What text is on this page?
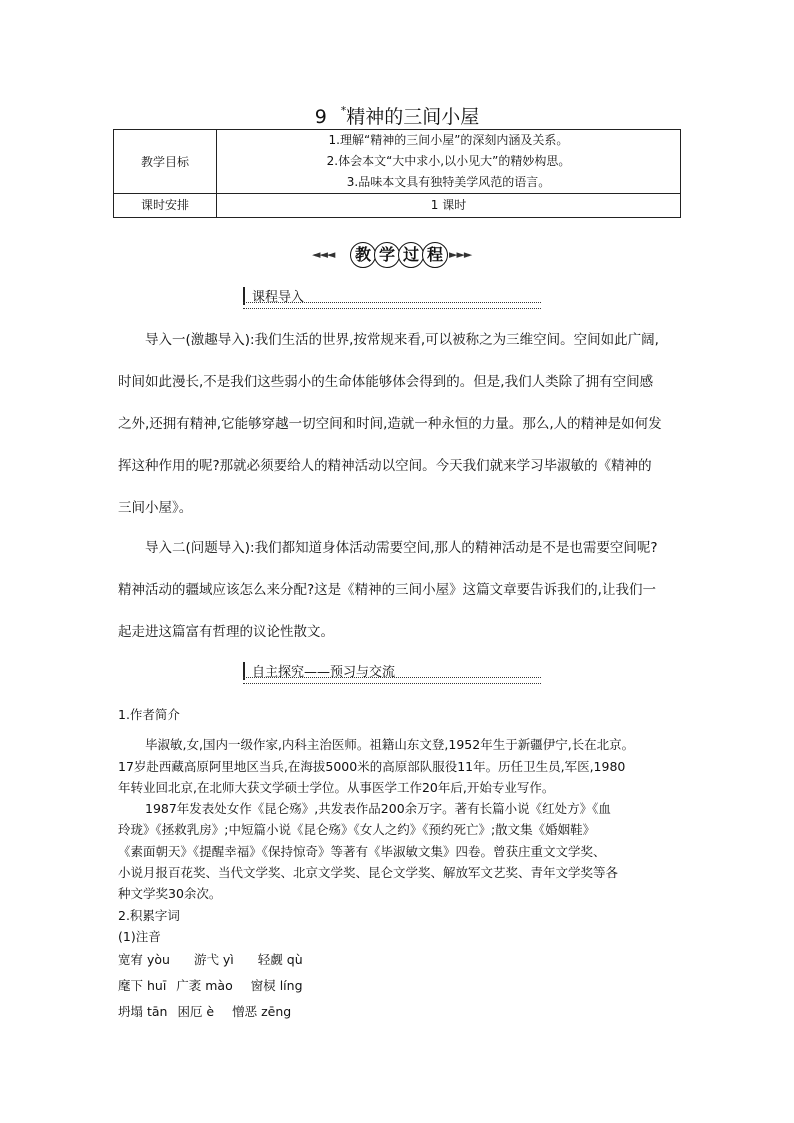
9 *精神的三间小屋
教学目标	1.理解“精神的三间小屋”的深刻内涵及关系。
2.体会本文“大中求小,以小见大”的精妙构思。
3.品味本文具有独特美学风范的语言。

课时安排	1 课时
◄◄◄	教 学 过 程 ►►►
课程导入
导入一(激趣导入):我们生活的世界,按常规来看,可以被称之为三维空间。空间如此广阔,
时间如此漫长,不是我们这些弱小的生命体能够体会得到的。但是,我们人类除了拥有空间感
之外,还拥有精神,它能够穿越一切空间和时间,造就一种永恒的力量。那么,人的精神是如何发
挥这种作用的呢?那就必须要给人的精神活动以空间。今天我们就来学习毕淑敏的《精神的
三间小屋》。
导入二(问题导入):我们都知道身体活动需要空间,那人的精神活动是不是也需要空间呢?
精神活动的疆域应该怎么来分配?这是《精神的三间小屋》这篇文章要告诉我们的,让我们一
起走进这篇富有哲理的议论性散文。
自主探究——预习与交流
1.作者简介
毕淑敏,女,国内一级作家,内科主治医师。祖籍山东文登,1952年生于新疆伊宁,长在北京。
17岁赴西藏高原阿里地区当兵,在海拔5000米的高原部队服役11年。历任卫生员,军医,1980
年转业回北京,在北师大获文学硕士学位。从事医学工作20年后,开始专业写作。
1987年发表处女作《昆仑殇》,共发表作品200余万字。著有长篇小说《红处方》《血
玲珑》《拯救乳房》;中短篇小说《昆仑殇》《女人之约》《预约死亡》;散文集《婚姻鞋》
《素面朝天》《提醒幸福》《保持惊奇》等著有《毕淑敏文集》四卷。曾获庄重文文学奖、
小说月报百花奖、当代文学奖、北京文学奖、昆仑文学奖、解放军文艺奖、青年文学奖等各
种文学奖30余次。
2.积累字词
(1)注音
宽宥 yòu 游弋 yì 轻觑 qù
麾下 huī 广袤 mào 窗棂 líng
坍塌 tān 困厄 è 憎恶 zēng
